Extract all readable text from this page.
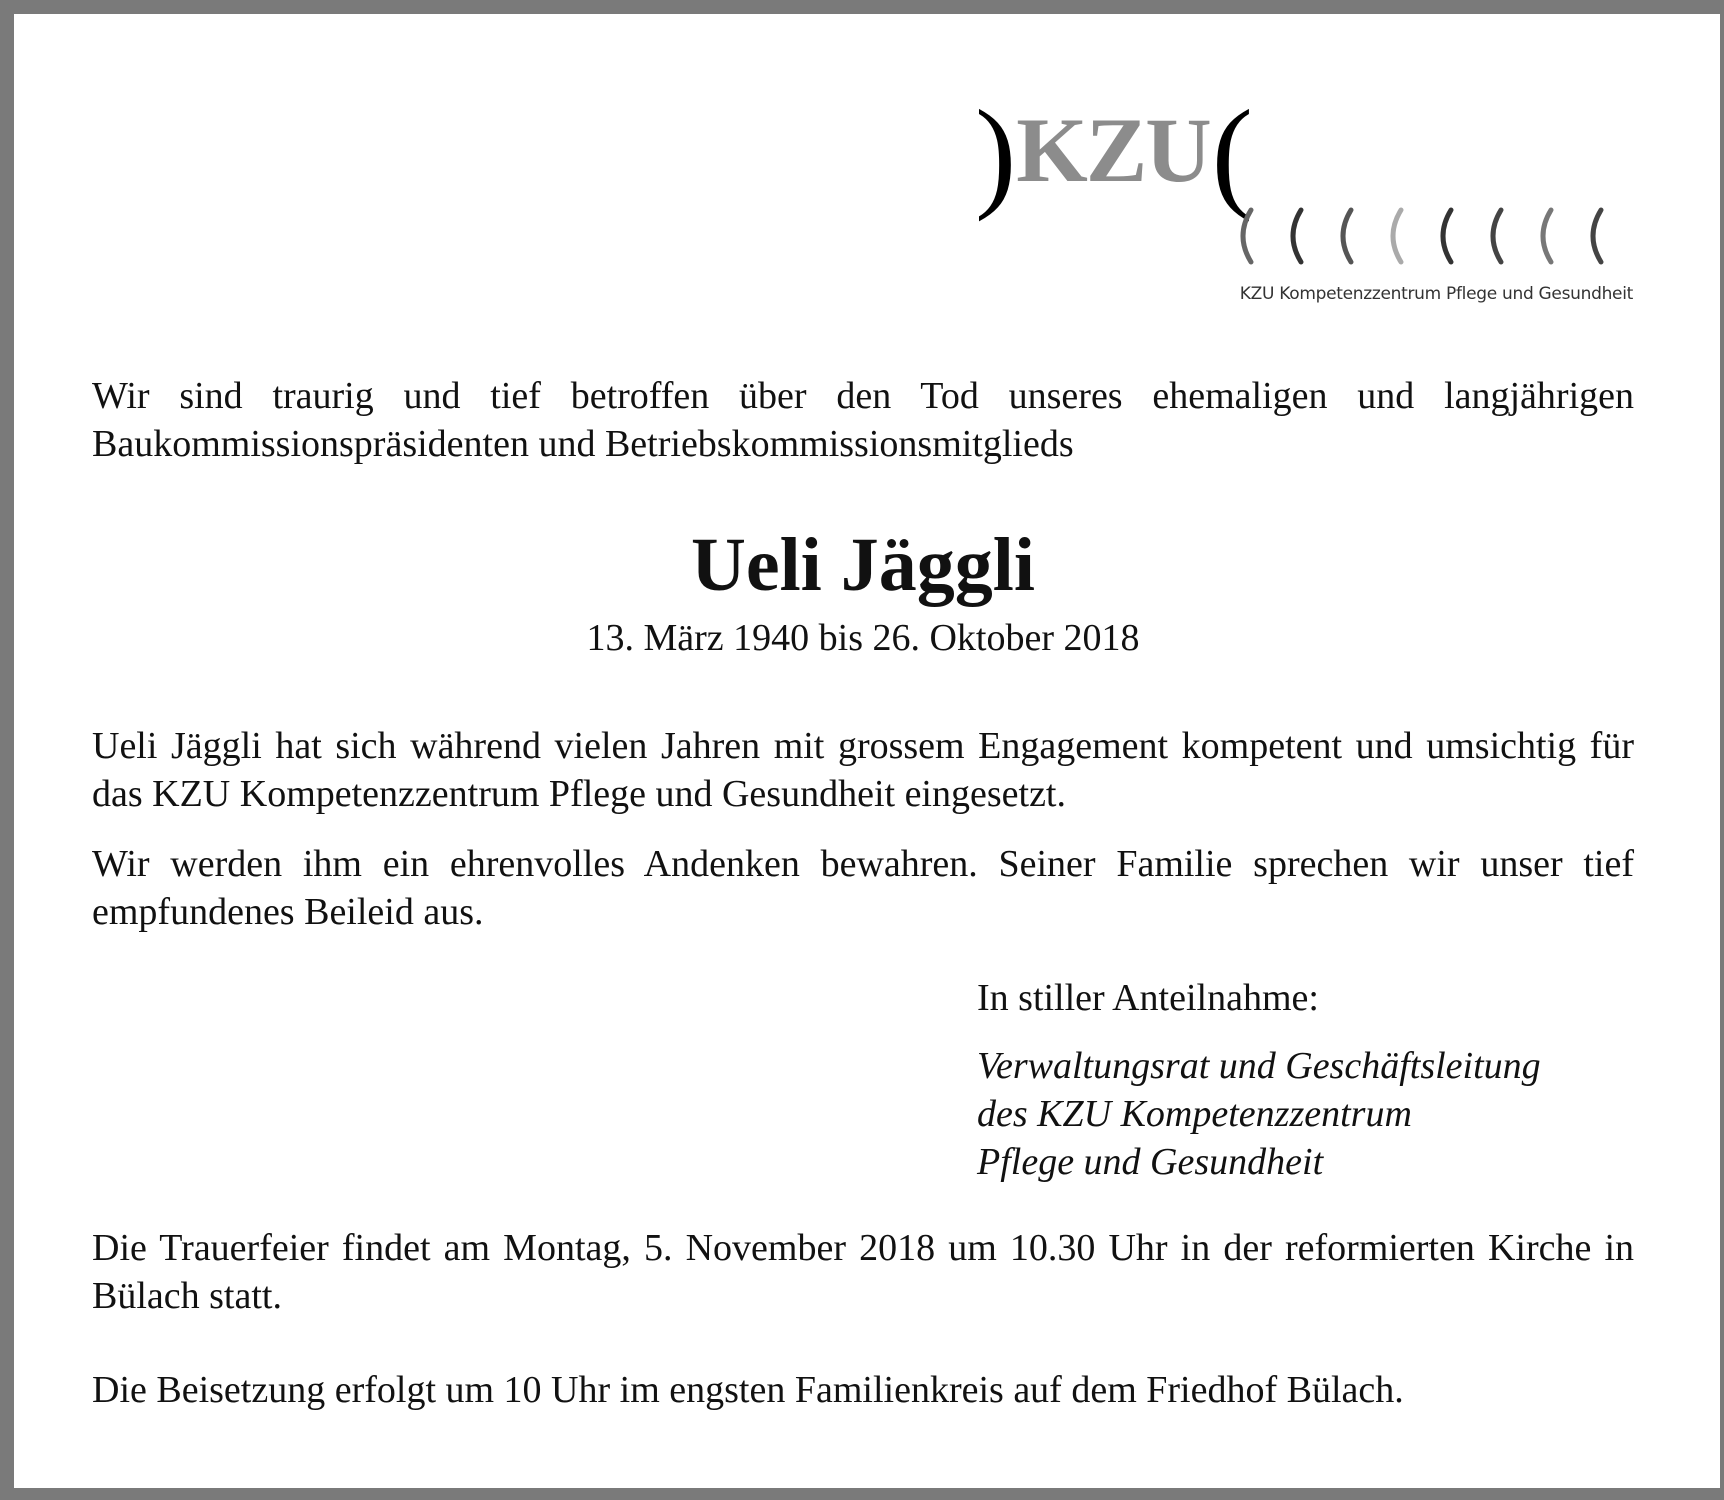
)KZU(
KZU Kompetenzzentrum Pflege und Gesundheit
Wir sind traurig und tief betroffen über den Tod unseres ehemaligen und langjährigen Baukommissionspräsidenten und Betriebskommissionsmitglieds
Ueli Jäggli
13. März 1940 bis 26. Oktober 2018
Ueli Jäggli hat sich während vielen Jahren mit grossem Engagement kompetent und umsichtig für das KZU Kompetenzzentrum Pflege und Gesundheit eingesetzt.
Wir werden ihm ein ehrenvolles Andenken bewahren. Seiner Familie sprechen wir unser tief empfundenes Beileid aus.
In stiller Anteilnahme:
Verwaltungsrat und Geschäftsleitung
des KZU Kompetenzzentrum
Pflege und Gesundheit
Die Trauerfeier findet am Montag, 5. November 2018 um 10.30 Uhr in der reformierten Kirche in Bülach statt.
Die Beisetzung erfolgt um 10 Uhr im engsten Familienkreis auf dem Friedhof Bülach.
